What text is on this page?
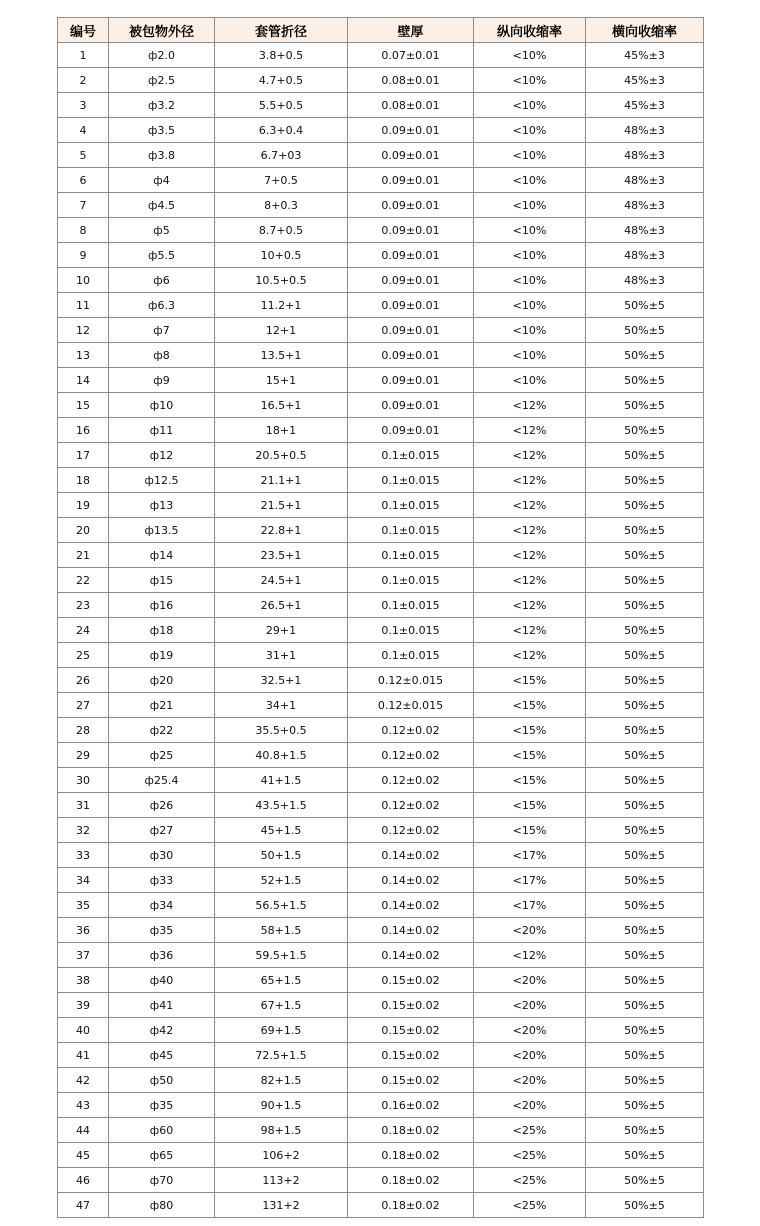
编号	被包物外径	套管折径	壁厚	纵向收缩率	横向收缩率
1	ф2.0	3.8+0.5	0.07±0.01	<10%	45%±3
2	ф2.5	4.7+0.5	0.08±0.01	<10%	45%±3
3	ф3.2	5.5+0.5	0.08±0.01	<10%	45%±3
4	ф3.5	6.3+0.4	0.09±0.01	<10%	48%±3
5	ф3.8	6.7+03	0.09±0.01	<10%	48%±3
6	ф4	7+0.5	0.09±0.01	<10%	48%±3
7	ф4.5	8+0.3	0.09±0.01	<10%	48%±3
8	ф5	8.7+0.5	0.09±0.01	<10%	48%±3
9	ф5.5	10+0.5	0.09±0.01	<10%	48%±3
10	ф6	10.5+0.5	0.09±0.01	<10%	48%±3
11	ф6.3	11.2+1	0.09±0.01	<10%	50%±5
12	ф7	12+1	0.09±0.01	<10%	50%±5
13	ф8	13.5+1	0.09±0.01	<10%	50%±5
14	ф9	15+1	0.09±0.01	<10%	50%±5
15	ф10	16.5+1	0.09±0.01	<12%	50%±5
16	ф11	18+1	0.09±0.01	<12%	50%±5
17	ф12	20.5+0.5	0.1±0.015	<12%	50%±5
18	ф12.5	21.1+1	0.1±0.015	<12%	50%±5
19	ф13	21.5+1	0.1±0.015	<12%	50%±5
20	ф13.5	22.8+1	0.1±0.015	<12%	50%±5
21	ф14	23.5+1	0.1±0.015	<12%	50%±5
22	ф15	24.5+1	0.1±0.015	<12%	50%±5
23	ф16	26.5+1	0.1±0.015	<12%	50%±5
24	ф18	29+1	0.1±0.015	<12%	50%±5
25	ф19	31+1	0.1±0.015	<12%	50%±5
26	ф20	32.5+1	0.12±0.015	<15%	50%±5
27	ф21	34+1	0.12±0.015	<15%	50%±5
28	ф22	35.5+0.5	0.12±0.02	<15%	50%±5
29	ф25	40.8+1.5	0.12±0.02	<15%	50%±5
30	ф25.4	41+1.5	0.12±0.02	<15%	50%±5
31	ф26	43.5+1.5	0.12±0.02	<15%	50%±5
32	ф27	45+1.5	0.12±0.02	<15%	50%±5
33	ф30	50+1.5	0.14±0.02	<17%	50%±5
34	ф33	52+1.5	0.14±0.02	<17%	50%±5
35	ф34	56.5+1.5	0.14±0.02	<17%	50%±5
36	ф35	58+1.5	0.14±0.02	<20%	50%±5
37	ф36	59.5+1.5	0.14±0.02	<12%	50%±5
38	ф40	65+1.5	0.15±0.02	<20%	50%±5
39	ф41	67+1.5	0.15±0.02	<20%	50%±5
40	ф42	69+1.5	0.15±0.02	<20%	50%±5
41	ф45	72.5+1.5	0.15±0.02	<20%	50%±5
42	ф50	82+1.5	0.15±0.02	<20%	50%±5
43	ф35	90+1.5	0.16±0.02	<20%	50%±5
44	ф60	98+1.5	0.18±0.02	<25%	50%±5
45	ф65	106+2	0.18±0.02	<25%	50%±5
46	ф70	113+2	0.18±0.02	<25%	50%±5
47	ф80	131+2	0.18±0.02	<25%	50%±5
